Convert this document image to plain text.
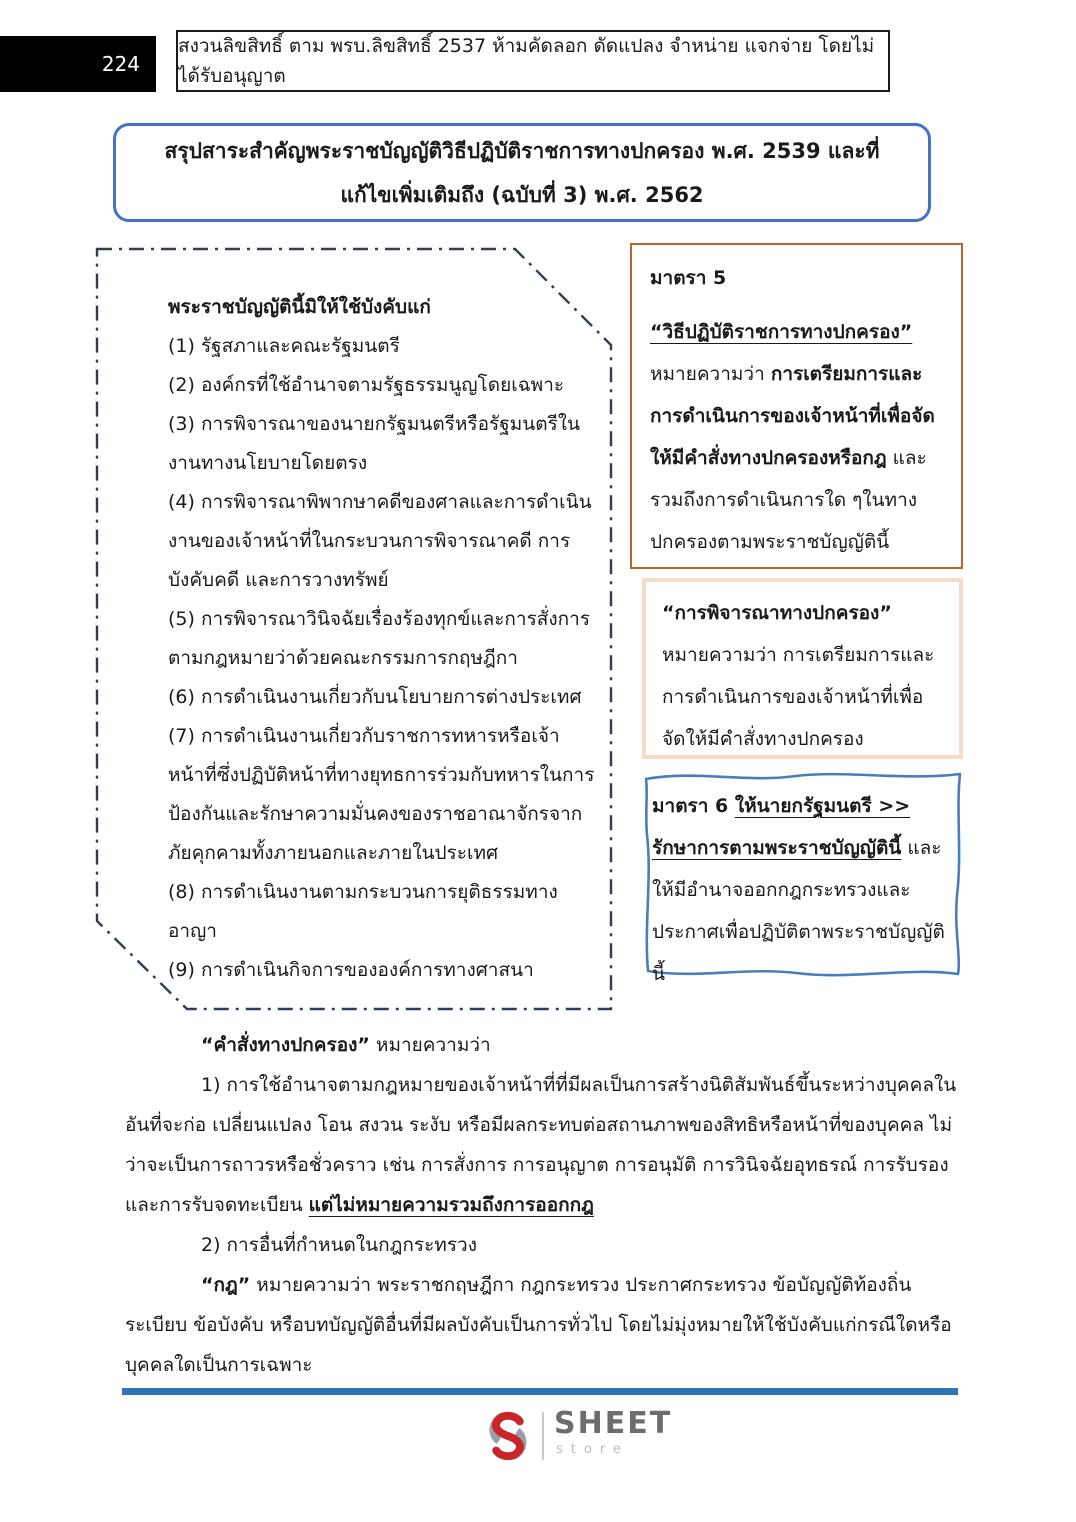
224
สงวนลิขสิทธิ์ ตาม พรบ.ลิขสิทธิ์ 2537 ห้ามคัดลอก ดัดแปลง จำหน่าย แจกจ่าย โดยไม่ได้รับอนุญาต
สรุปสาระสำคัญพระราชบัญญัติวิธีปฏิบัติราชการทางปกครอง พ.ศ. 2539 และที่แก้ไขเพิ่มเติมถึง (ฉบับที่ 3) พ.ศ. 2562
พระราชบัญญัตินี้มิให้ใช้บังคับแก่
(1) รัฐสภาและคณะรัฐมนตรี
(2) องค์กรที่ใช้อำนาจตามรัฐธรรมนูญโดยเฉพาะ
(3) การพิจารณาของนายกรัฐมนตรีหรือรัฐมนตรีในงานทางนโยบายโดยตรง
(4) การพิจารณาพิพากษาคดีของศาลและการดำเนินงานของเจ้าหน้าที่ในกระบวนการพิจารณาคดี การบังคับคดี และการวางทรัพย์
(5) การพิจารณาวินิจฉัยเรื่องร้องทุกข์และการสั่งการตามกฎหมายว่าด้วยคณะกรรมการกฤษฎีกา
(6) การดำเนินงานเกี่ยวกับนโยบายการต่างประเทศ
(7) การดำเนินงานเกี่ยวกับราชการทหารหรือเจ้าหน้าที่ซึ่งปฏิบัติหน้าที่ทางยุทธการร่วมกับทหารในการป้องกันและรักษาความมั่นคงของราชอาณาจักรจากภัยคุกคามทั้งภายนอกและภายในประเทศ
(8) การดำเนินงานตามกระบวนการยุติธรรมทางอาญา
(9) การดำเนินกิจการขององค์การทางศาสนา
มาตรา 5
“วิธีปฏิบัติราชการทางปกครอง”
หมายความว่า การเตรียมการและการดำเนินการของเจ้าหน้าที่เพื่อจัดให้มีคำสั่งทางปกครองหรือกฎ และรวมถึงการดำเนินการใด ๆในทางปกครองตามพระราชบัญญัตินี้
“การพิจารณาทางปกครอง”
หมายความว่า การเตรียมการและการดำเนินการของเจ้าหน้าที่เพื่อจัดให้มีคำสั่งทางปกครอง
มาตรา 6 ให้นายกรัฐมนตรี >> รักษาการตามพระราชบัญญัตินี้ และให้มีอำนาจออกกฎกระทรวงและประกาศเพื่อปฏิบัติตาพระราชบัญญัตินี้

“คำสั่งทางปกครอง” หมายความว่า

1) การใช้อำนาจตามกฎหมายของเจ้าหน้าที่ที่มีผลเป็นการสร้างนิติสัมพันธ์ขึ้นระหว่างบุคคลในอันที่จะก่อ เปลี่ยนแปลง โอน สงวน ระงับ หรือมีผลกระทบต่อสถานภาพของสิทธิหรือหน้าที่ของบุคคล ไม่ว่าจะเป็นการถาวรหรือชั่วคราว เช่น การสั่งการ การอนุญาต การอนุมัติ การวินิจฉัยอุทธรณ์ การรับรอง และการรับจดทะเบียน แต่ไม่หมายความรวมถึงการออกกฎ

2) การอื่นที่กำหนดในกฎกระทรวง

“กฎ” หมายความว่า พระราชกฤษฎีกา กฎกระทรวง ประกาศกระทรวง ข้อบัญญัติท้องถิ่น ระเบียบ ข้อบังคับ หรือบทบัญญัติอื่นที่มีผลบังคับเป็นการทั่วไป โดยไม่มุ่งหมายให้ใช้บังคับแก่กรณีใดหรือบุคคลใดเป็นการเฉพาะ

SHEET
store
